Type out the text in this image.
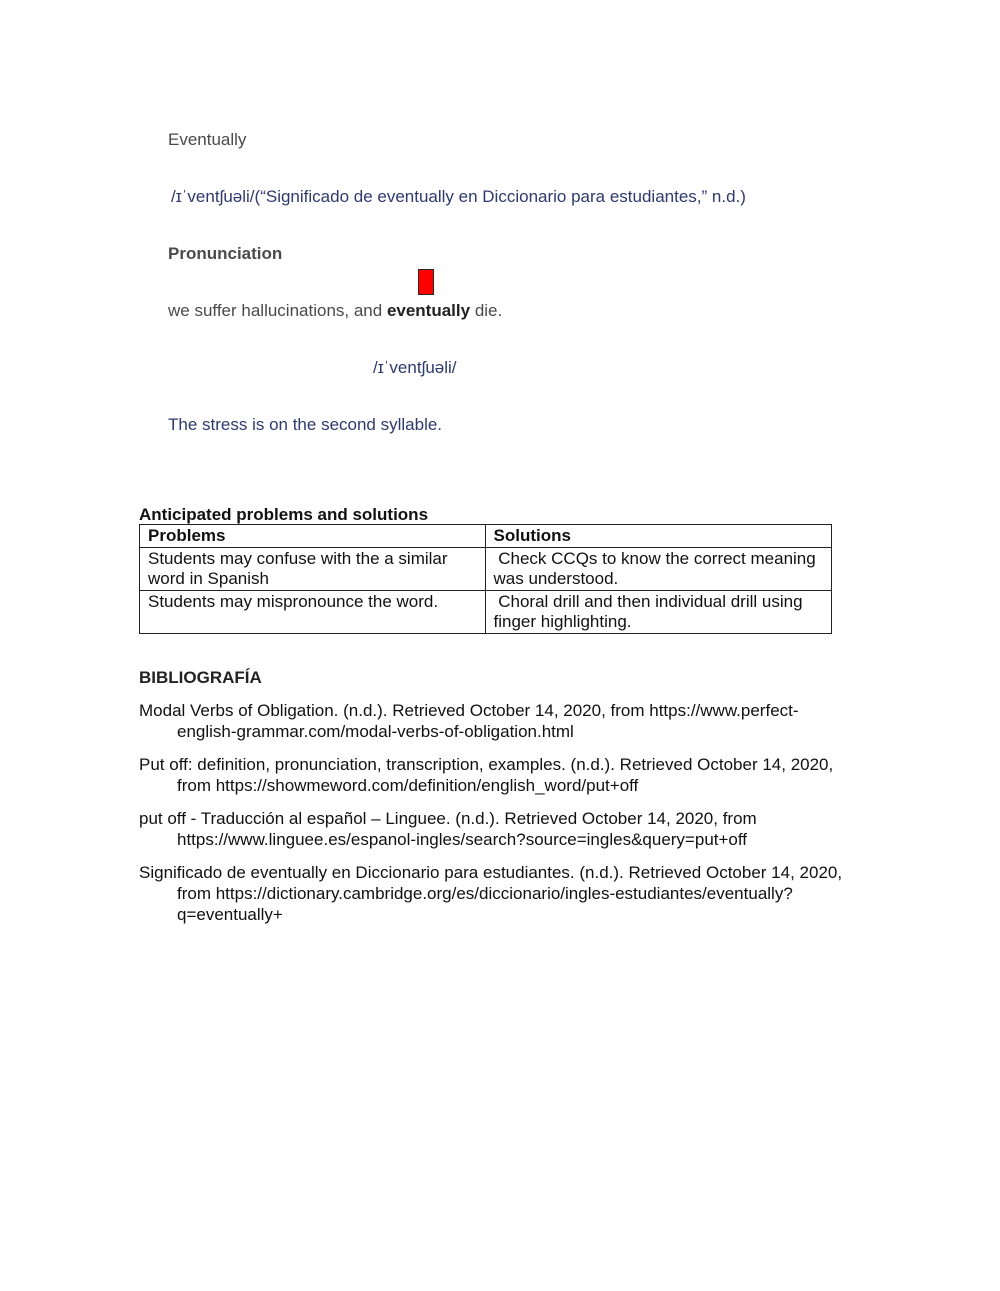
Eventually
/ɪˈventʃuəli/(“Significado de eventually en Diccionario para estudiantes,” n.d.)
Pronunciation
we suffer hallucinations, and eventually die.
/ɪˈventʃuəli/
The stress is on the second syllable.
Anticipated problems and solutions
Problems	Solutions
Students may confuse with the a similar word in Spanish	Check CCQs to know the correct meaning was understood.
Students may mispronounce the word.	Choral drill and then individual drill using finger highlighting.
BIBLIOGRAFÍA

Modal Verbs of Obligation. (n.d.). Retrieved October 14, 2020, from https://www.perfect-english-grammar.com/modal-verbs-of-obligation.html

Put off: definition, pronunciation, transcription, examples. (n.d.). Retrieved October 14, 2020, from https://showmeword.com/definition/english_word/put+off

put off - Traducción al español – Linguee. (n.d.). Retrieved October 14, 2020, from https://www.linguee.es/espanol-ingles/search?source=ingles&query=put+off

Significado de eventually en Diccionario para estudiantes. (n.d.). Retrieved October 14, 2020, from https://dictionary.cambridge.org/es/diccionario/ingles-estudiantes/eventually?q=eventually+
